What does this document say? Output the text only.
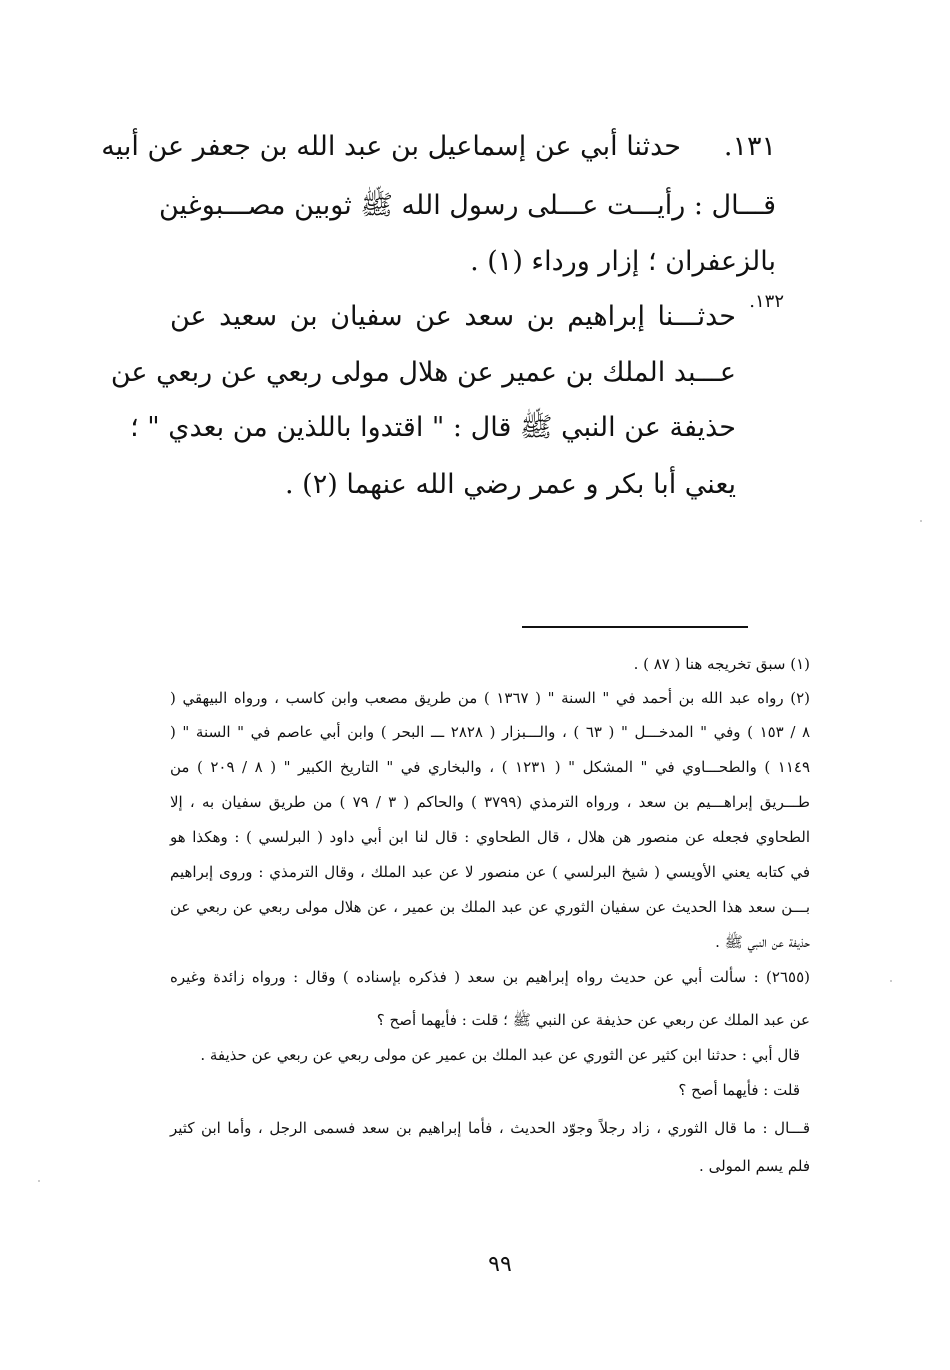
١٣١.     حدثنا أبي عن إسماعيل بن عبد الله بن جعفر عن أبيه
قـــال : رأيـــت عـــلى رسول الله ﷺ ثوبين مصـــبوغين
بالزعفران ؛ إزار ورداء (١) .
١٣٢.
حدثـــنا إبراهيم بن سعد عن سفيان بن سعيد عن
عـــبد الملك بن عمير عن هلال مولى ربعي عن ربعي عن
حذيفة عن النبي ﷺ قال : " اقتدوا باللذين من بعدي " ؛
يعني أبا بكر و عمر رضي الله عنهما (٢) .
(١) سبق تخريجه هنا ( ٨٧ ) .
(٢) رواه عبد الله بن أحمد في " السنة " ( ١٣٦٧ ) من طريق مصعب وابن كاسب ، ورواه البيهقي (
٨ / ١٥٣ ) وفي " المدخـــل " ( ٦٣ ) ، والـــبزار ( ٢٨٢٨ ـــ البحر ) وابن أبي عاصم في " السنة " (
١١٤٩ ) والطحـــاوي في " المشكل " ( ١٢٣١ ) ، والبخاري في " التاريخ الكبير " ( ٨ / ٢٠٩ ) من
طـــريق إبراهـــيم بن سعد ، ورواه الترمذي (٣٧٩٩ ) والحاكم ( ٣ / ٧٩ ) من طريق سفيان به ، إلا
الطحاوي فجعله عن منصور هن هلال ، قال الطحاوي : قال لنا ابن أبي داود ( البرلسي ) : وهكذا هو
في كتابه يعني الأويسي ( شيخ البرلسي ) عن منصور لا عن عبد الملك ، وقال الترمذي : وروى إبراهيم
بـــن سعد هذا الحديث عن سفيان الثوري عن عبد الملك بن عمير ، عن هلال مولى ربعي عن ربعي عن
حذيفة عن النبي ﷺ .
(٢٦٥٥) : سألت أبي عن حديث رواه إبراهيم بن سعد ( فذكره بإسناده ) وقال : ورواه زائدة وغيره
عن عبد الملك عن ربعي عن حذيفة عن النبي ﷺ ؛ قلت : فأيهما أصح ؟
قال أبي : حدثنا ابن كثير عن الثوري عن عبد الملك بن عمير عن مولى ربعي عن ربعي عن حذيفة .
قلت : فأيهما أصح ؟
قـــال : ما قال الثوري ، زاد رجلاً وجوّد الحديث ، فأما إبراهيم بن سعد فسمى الرجل ، وأما ابن كثير
فلم يسم المولى .
٩٩
